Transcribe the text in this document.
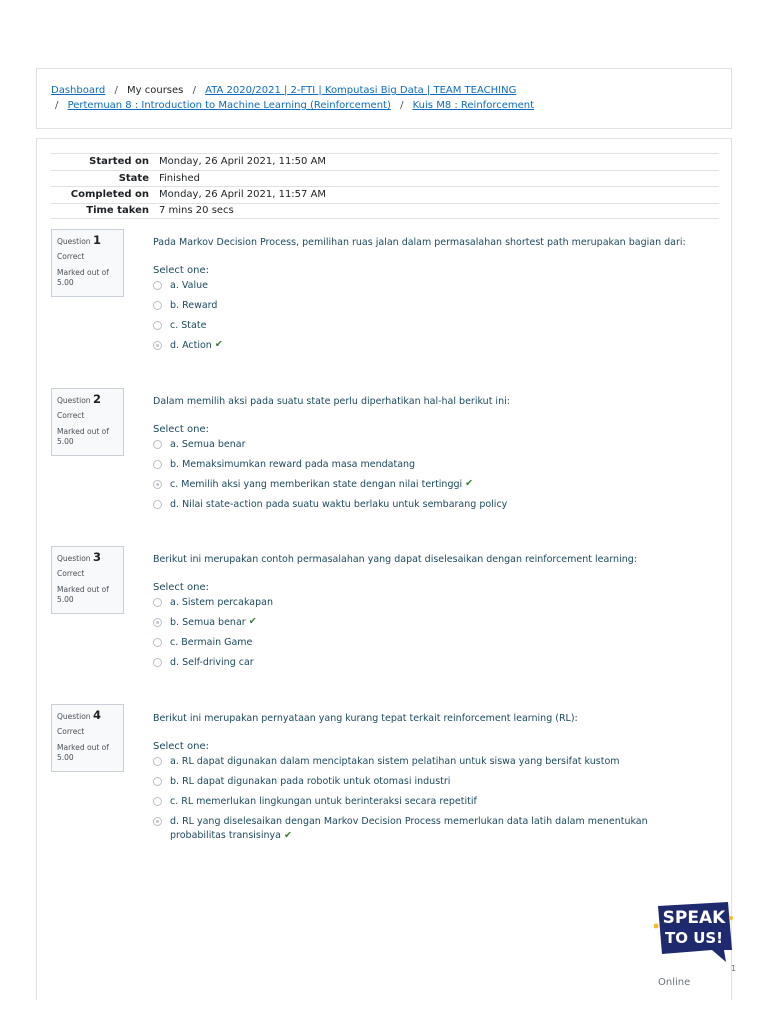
Dashboard / My courses / ATA 2020/2021 | 2-FTI | Komputasi Big Data | TEAM TEACHING
/ Pertemuan 8 : Introduction to Machine Learning (Reinforcement) / Kuis M8 : Reinforcement
Started on	Monday, 26 April 2021, 11:50 AM
State	Finished
Completed on	Monday, 26 April 2021, 11:57 AM
Time taken	7 mins 20 secs
Question 1
Correct
Marked out of
5.00
Pada Markov Decision Process, pemilihan ruas jalan dalam permasalahan shortest path merupakan bagian dari:
Select one:
a. Value
b. Reward
c. State
d. Action ✔
Question 2
Correct
Marked out of
5.00
Dalam memilih aksi pada suatu state perlu diperhatikan hal-hal berikut ini:
Select one:
a. Semua benar
b. Memaksimumkan reward pada masa mendatang
c. Memilih aksi yang memberikan state dengan nilai tertinggi ✔
d. Nilai state-action pada suatu waktu berlaku untuk sembarang policy
Question 3
Correct
Marked out of
5.00
Berikut ini merupakan contoh permasalahan yang dapat diselesaikan dengan reinforcement learning:
Select one:
a. Sistem percakapan
b. Semua benar ✔
c. Bermain Game
d. Self-driving car
Question 4
Correct
Marked out of
5.00
Berikut ini merupakan pernyataan yang kurang tepat terkait reinforcement learning (RL):
Select one:
a. RL dapat digunakan dalam menciptakan sistem pelatihan untuk siswa yang bersifat kustom
b. RL dapat digunakan pada robotik untuk otomasi industri
c. RL memerlukan lingkungan untuk berinteraksi secara repetitif
d. RL yang diselesaikan dengan Markov Decision Process memerlukan data latih dalam menentukan probabilitas transisinya ✔
SPEAK
TO US!
1
Online
